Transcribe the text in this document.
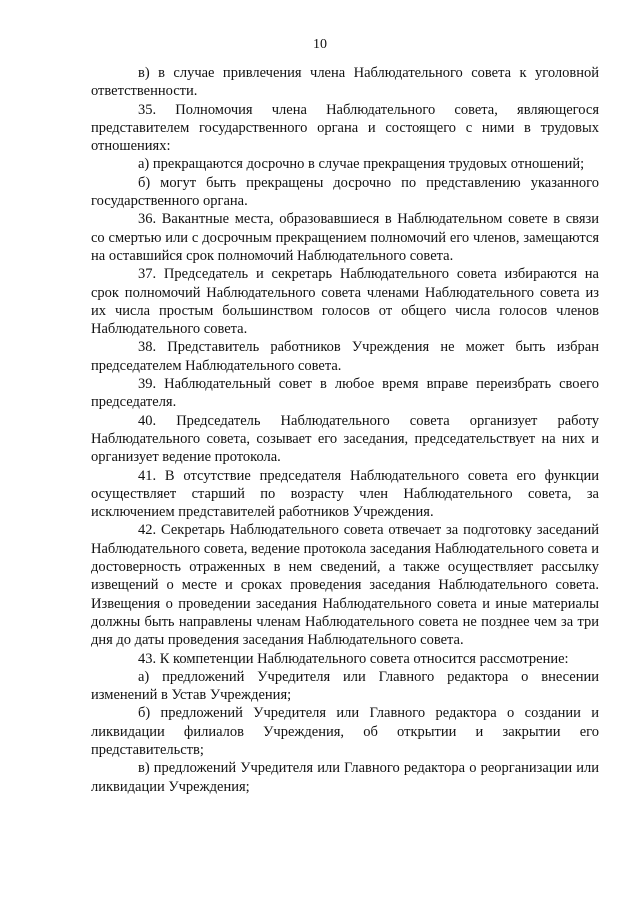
10

в) в случае привлечения члена Наблюдательного совета к уголовной ответственности.

35. Полномочия члена Наблюдательного совета, являющегося представителем государственного органа и состоящего с ними в трудовых отношениях:

а) прекращаются досрочно в случае прекращения трудовых отношений;

б) могут быть прекращены досрочно по представлению указанного государственного органа.

36. Вакантные места, образовавшиеся в Наблюдательном совете в связи со смертью или с досрочным прекращением полномочий его членов, замещаются на оставшийся срок полномочий Наблюдательного совета.

37. Председатель и секретарь Наблюдательного совета избираются на срок полномочий Наблюдательного совета членами Наблюдательного совета из их числа простым большинством голосов от общего числа голосов членов Наблюдательного совета.

38. Представитель работников Учреждения не может быть избран председателем Наблюдательного совета.

39. Наблюдательный совет в любое время вправе переизбрать своего председателя.

40. Председатель Наблюдательного совета организует работу Наблюдательного совета, созывает его заседания, председательствует на них и организует ведение протокола.

41. В отсутствие председателя Наблюдательного совета его функции осуществляет старший по возрасту член Наблюдательного совета, за исключением представителей работников Учреждения.

42. Секретарь Наблюдательного совета отвечает за подготовку заседаний Наблюдательного совета, ведение протокола заседания Наблюдательного совета и достоверность отраженных в нем сведений, а также осуществляет рассылку извещений о месте и сроках проведения заседания Наблюдательного совета. Извещения о проведении заседания Наблюдательного совета и иные материалы должны быть направлены членам Наблюдательного совета не позднее чем за три дня до даты проведения заседания Наблюдательного совета.

43. К компетенции Наблюдательного совета относится рассмотрение:

а) предложений Учредителя или Главного редактора о внесении изменений в Устав Учреждения;

б) предложений Учредителя или Главного редактора о создании и ликвидации филиалов Учреждения, об открытии и закрытии его представительств;

в) предложений Учредителя или Главного редактора о реорганизации или ликвидации Учреждения;
